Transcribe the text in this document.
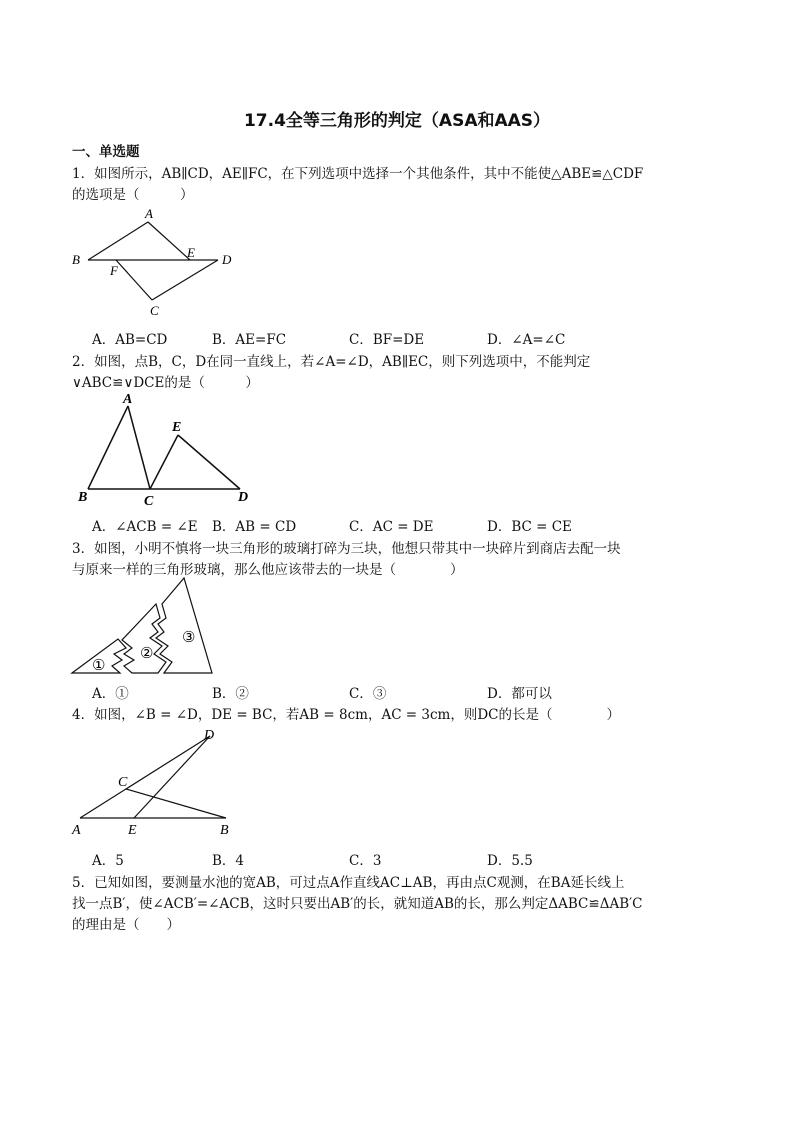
17.4全等三角形的判定（ASA和AAS）
一、单选题
1．如图所示，AB∥CD，AE∥FC，在下列选项中选择一个其他条件，其中不能使△ABE≌△CDF
的选项是（　　　）
A
B
C
D
E
F
A．AB=CD	B．AE=FC	C．BF=DE	D．∠A=∠C
2．如图，点B，C，D在同一直线上，若∠A=∠D，AB∥EC，则下列选项中，不能判定
∨ABC≌∨DCE的是（　　　）
A
B	C	D
E
A．∠ACB = ∠E B．AB = CD	C．AC = DE	D．BC = CE
3．如图，小明不慎将一块三角形的玻璃打碎为三块，他想只带其中一块碎片到商店去配一块
与原来一样的三角形玻璃，那么他应该带去的一块是（　　　　）
①
②
③
A．①	B．②	C．③	D．都可以
4．如图，∠B = ∠D，DE = BC，若AB = 8cm，AC = 3cm，则DC的长是（　　　　）
D
C
A	E	B
A．5	B．4	C．3	D．5.5
5．已知如图，要测量水池的宽AB，可过点A作直线AC⊥AB，再由点C观测，在BA延长线上
找一点B′，使∠ACB′=∠ACB，这时只要出AB′的长，就知道AB的长，那么判定ΔABC≌ΔAB′C
的理由是（　　）
